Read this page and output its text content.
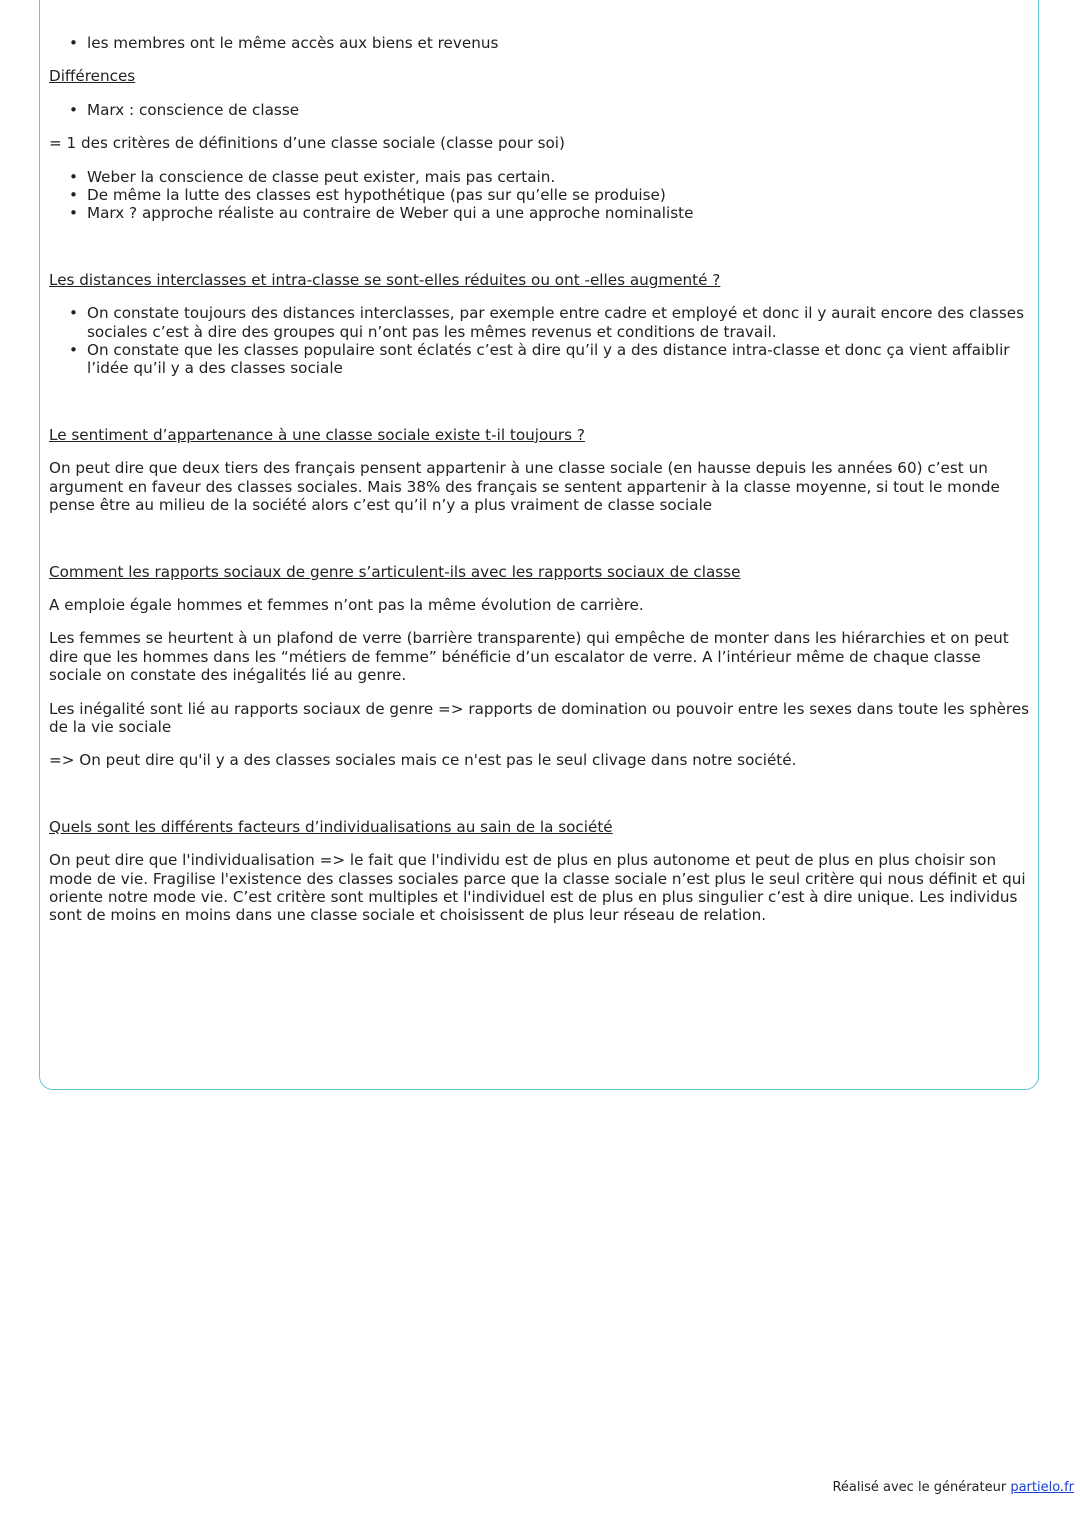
• les membres ont le même accès aux biens et revenus

Différences

• Marx : conscience de classe

= 1 des critères de définitions d’une classe sociale (classe pour soi)

• Weber la conscience de classe peut exister, mais pas certain.
• De même la lutte des classes est hypothétique (pas sur qu’elle se produise)
• Marx ? approche réaliste au contraire de Weber qui a une approche nominaliste

Les distances interclasses et intra-classe se sont-elles réduites ou ont -elles augmenté ?

• On constate toujours des distances interclasses, par exemple entre cadre et employé et donc il y aurait encore des classes sociales c’est à dire des groupes qui n’ont pas les mêmes revenus et conditions de travail.
• On constate que les classes populaire sont éclatés c’est à dire qu’il y a des distance intra-classe et donc ça vient affaiblir l’idée qu’il y a des classes sociale

Le sentiment d’appartenance à une classe sociale existe t-il toujours ?

On peut dire que deux tiers des français pensent appartenir à une classe sociale (en hausse depuis les années 60) c’est un argument en faveur des classes sociales. Mais 38% des français se sentent appartenir à la classe moyenne, si tout le monde pense être au milieu de la société alors c’est qu’il n’y a plus vraiment de classe sociale

Comment les rapports sociaux de genre s’articulent-ils avec les rapports sociaux de classe

A emploie égale hommes et femmes n’ont pas la même évolution de carrière.

Les femmes se heurtent à un plafond de verre (barrière transparente) qui empêche de monter dans les hiérarchies et on peut dire que les hommes dans les “métiers de femme” bénéficie d’un escalator de verre. A l’intérieur même de chaque classe sociale on constate des inégalités lié au genre.

Les inégalité sont lié au rapports sociaux de genre => rapports de domination ou pouvoir entre les sexes dans toute les sphères de la vie sociale

=> On peut dire qu'il y a des classes sociales mais ce n'est pas le seul clivage dans notre société.

Quels sont les différents facteurs d’individualisations au sain de la société

On peut dire que l'individualisation => le fait que l'individu est de plus en plus autonome et peut de plus en plus choisir son mode de vie. Fragilise l'existence des classes sociales parce que la classe sociale n’est plus le seul critère qui nous définit et qui oriente notre mode vie. C’est critère sont multiples et l'individuel est de plus en plus singulier c’est à dire unique. Les individus sont de moins en moins dans une classe sociale et choisissent de plus leur réseau de relation.

Réalisé avec le générateur partielo.fr
